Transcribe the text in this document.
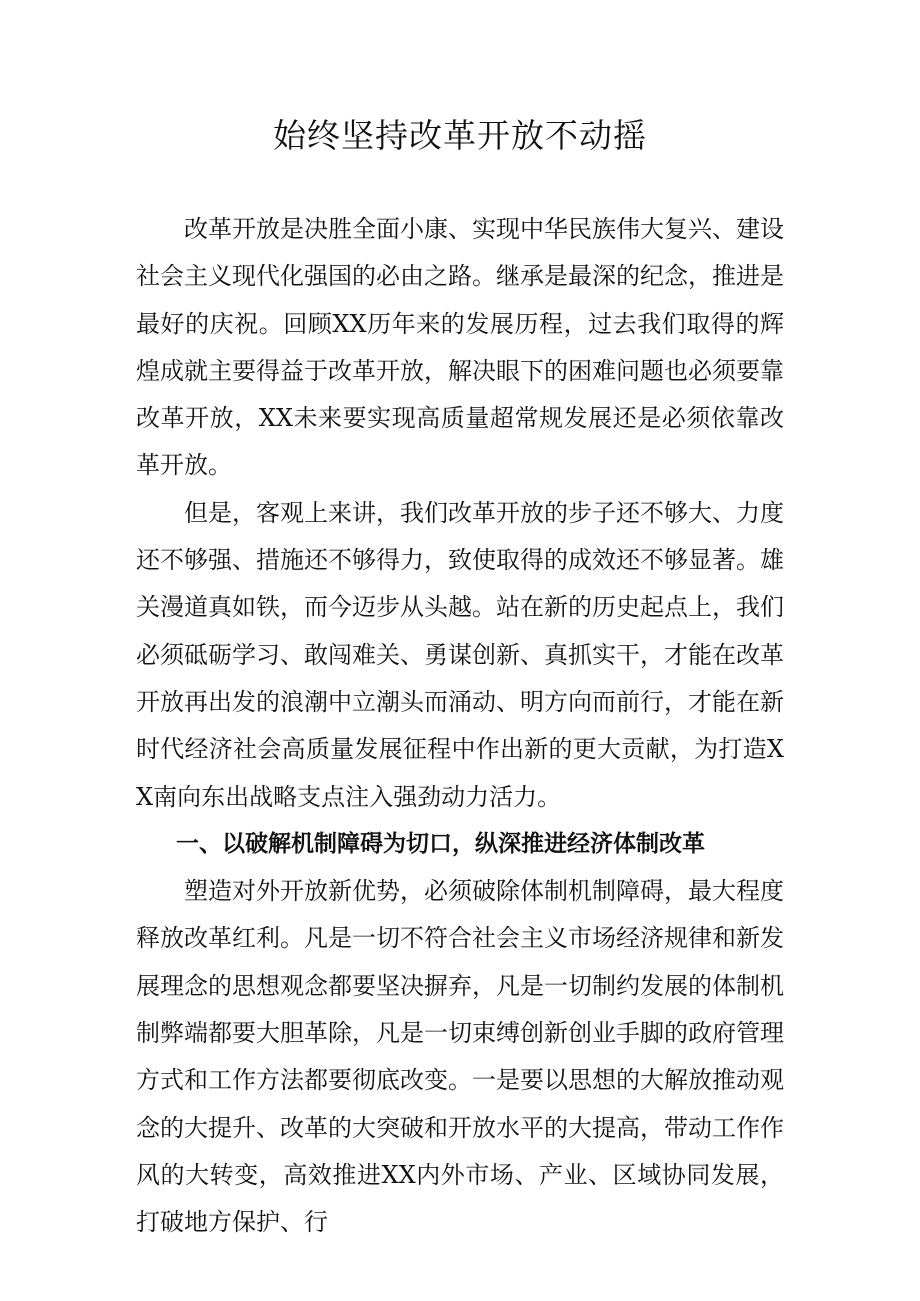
始终坚持改革开放不动摇

改革开放是决胜全面小康、实现中华民族伟大复兴、建设社会主义现代化强国的必由之路。继承是最深的纪念，推进是最好的庆祝。回顾XX历年来的发展历程，过去我们取得的辉煌成就主要得益于改革开放，解决眼下的困难问题也必须要靠改革开放，XX未来要实现高质量超常规发展还是必须依靠改革开放。

但是，客观上来讲，我们改革开放的步子还不够大、力度还不够强、措施还不够得力，致使取得的成效还不够显著。雄关漫道真如铁，而今迈步从头越。站在新的历史起点上，我们必须砥砺学习、敢闯难关、勇谋创新、真抓实干，才能在改革开放再出发的浪潮中立潮头而涌动、明方向而前行，才能在新时代经济社会高质量发展征程中作出新的更大贡献，为打造XX南向东出战略支点注入强劲动力活力。

一、以破解机制障碍为切口，纵深推进经济体制改革

塑造对外开放新优势，必须破除体制机制障碍，最大程度释放改革红利。凡是一切不符合社会主义市场经济规律和新发展理念的思想观念都要坚决摒弃，凡是一切制约发展的体制机制弊端都要大胆革除，凡是一切束缚创新创业手脚的政府管理方式和工作方法都要彻底改变。一是要以思想的大解放推动观念的大提升、改革的大突破和开放水平的大提高，带动工作作风的大转变，高效推进XX内外市场、产业、区域协同发展，打破地方保护、行
